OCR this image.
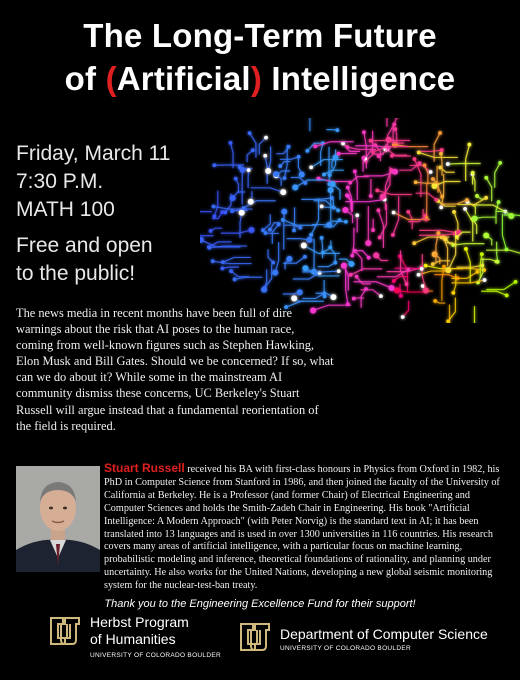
The Long-Term Future
of (Artificial) Intelligence
Friday, March 11
7:30 P.M.
MATH 100
Free and open
to the public!
The news media in recent months have been full of dire warnings about the risk that AI poses to the human race, coming from well-known figures such as Stephen Hawking, Elon Musk and Bill Gates. Should we be concerned? If so, what can we do about it? While some in the mainstream AI community dismiss these concerns, UC Berkeley's Stuart Russell will argue instead that a fundamental reorientation of the field is required.
Stuart Russell received his BA with first-class honours in Physics from Oxford in 1982, his PhD in Computer Science from Stanford in 1986, and then joined the faculty of the University of California at Berkeley. He is a Professor (and former Chair) of Electrical Engineering and Computer Sciences and holds the Smith-Zadeh Chair in Engineering. His book "Artificial Intelligence: A Modern Approach" (with Peter Norvig) is the standard text in AI; it has been translated into 13 languages and is used in over 1300 universities in 116 countries. His research covers many areas of artificial intelligence, with a particular focus on machine learning, probabilistic modeling and inference, theoretical foundations of rationality, and planning under uncertainty. He also works for the United Nations, developing a new global seismic monitoring system for the nuclear-test-ban treaty.
Thank you to the Engineering Excellence Fund for their support!
Herbst Program
of Humanities
UNIVERSITY OF COLORADO BOULDER
Department of Computer Science
UNIVERSITY OF COLORADO BOULDER
